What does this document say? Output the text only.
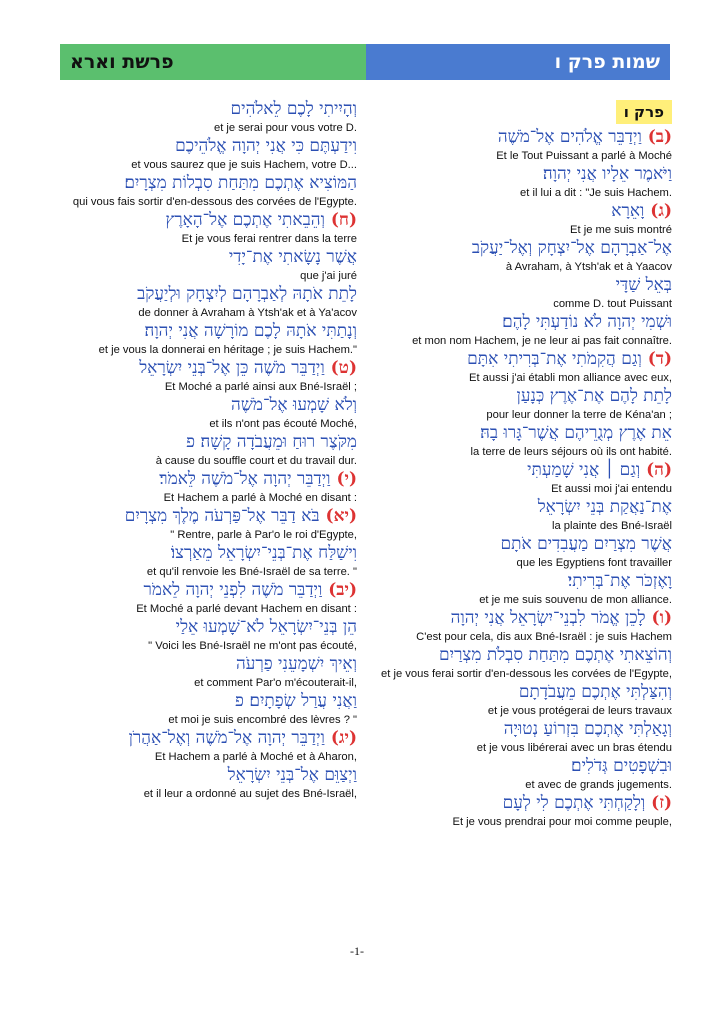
פרשת וארא	שמות פרק ו
וְהָיִיתִי לָכֶם לֵאלֹהִים
et je serai pour vous votre D.
וִידַעְתֶּם כִּי אֲנִי יְהוָה אֱלֹהֵיכֶם
et vous saurez que je suis Hachem, votre D...
הַמּוֹצִיא אֶתְכֶם מִתַּחַת סִבְלוֹת מִצְרָיִם׃
qui vous fais sortir d'en-dessous des corvées de l'Egypte.
(ח) וְהֵבֵאתִי אֶתְכֶם אֶל־הָאָרֶץ
Et je vous ferai rentrer dans la terre
אֲשֶׁר נָשָׂאתִי אֶת־יָדִי
que j'ai juré
לָתֵת אֹתָהּ לְאַבְרָהָם לְיִצְחָק וּלְיַעֲקֹב
de donner à Avraham à Ytsh'ak et à Ya'acov
וְנָתַתִּי אֹתָהּ לָכֶם מוֹרָשָׁה אֲנִי יְהוָה׃
et je vous la donnerai en héritage ; je suis Hachem."
(ט) וַיְדַבֵּר מֹשֶׁה כֵּן אֶל־בְּנֵי יִשְׂרָאֵל
Et Moché a parlé ainsi aux Bné-Israël ;
וְלֹא שָׁמְעוּ אֶל־מֹשֶׁה
et ils n'ont pas écouté Moché,
מִקֹּצֶר רוּחַ וּמֵעֲבֹדָה קָשָׁה׃ פ
à cause du souffle court et du travail dur.
(י) וַיְדַבֵּר יְהוָה אֶל־מֹשֶׁה לֵּאמֹר׃
Et Hachem a parlé à Moché en disant :
(יא) בֹּא דַבֵּר אֶל־פַּרְעֹה מֶלֶךְ מִצְרָיִם
" Rentre, parle à Par'o le roi d'Egypte,
וִישַׁלַּח אֶת־בְּנֵי־יִשְׂרָאֵל מֵאַרְצוֹ׃
et qu'il renvoie les Bné-Israël de sa terre. "
(יב) וַיְדַבֵּר מֹשֶׁה לִפְנֵי יְהוָה לֵאמֹר
Et Moché a parlé devant Hachem en disant :
הֵן בְּנֵי־יִשְׂרָאֵל לֹא־שָׁמְעוּ אֵלַי
" Voici les Bné-Israël ne m'ont pas écouté,
וְאֵיךְ יִשְׁמָעֵנִי פַרְעֹה
et comment Par'o m'écouterait-il,
וַאֲנִי עֲרַל שְׂפָתָיִם׃ פ
et moi je suis encombré des lèvres ? "
(יג) וַיְדַבֵּר יְהוָה אֶל־מֹשֶׁה וְאֶל־אַהֲרֹן
Et Hachem a parlé à Moché et à Aharon,
וַיְצַוֵּם אֶל־בְּנֵי יִשְׂרָאֵל
et il leur a ordonné au sujet des Bné-Israël,
פרק ו
(ב) וַיְדַבֵּר אֱלֹהִים אֶל־מֹשֶׁה
Et le Tout Puissant a parlé à Moché
וַיֹּאמֶר אֵלָיו אֲנִי יְהוָה׃
et il lui a dit : "Je suis Hachem.
(ג) וָאֵרָא
Et je me suis montré
אֶל־אַבְרָהָם אֶל־יִצְחָק וְאֶל־יַעֲקֹב
à Avraham, à Ytsh'ak et à Yaacov
בְּאֵל שַׁדָּי
comme D. tout Puissant
וּשְׁמִי יְהוָה לֹא נוֹדַעְתִּי לָהֶם׃
et mon nom Hachem, je ne leur ai pas fait connaître.
(ד) וְגַם הֲקִמֹתִי אֶת־בְּרִיתִי אִתָּם
Et aussi j'ai établi mon alliance avec eux,
לָתֵת לָהֶם אֶת־אֶרֶץ כְּנָעַן
pour leur donner la terre de Kéna'an ;
אֵת אֶרֶץ מְגֻרֵיהֶם אֲשֶׁר־גָּרוּ בָהּ׃
la terre de leurs séjours où ils ont habité.
(ה) וְגַם ׀ אֲנִי שָׁמַעְתִּי
Et aussi moi j'ai entendu
אֶת־נַאֲקַת בְּנֵי יִשְׂרָאֵל
la plainte des Bné-Israël
אֲשֶׁר מִצְרַיִם מַעֲבִדִים אֹתָם
que les Egyptiens font travailler
וָאֶזְכֹּר אֶת־בְּרִיתִי׃
et je me suis souvenu de mon alliance.
(ו) לָכֵן אֱמֹר לִבְנֵי־יִשְׂרָאֵל אֲנִי יְהוָה
C'est pour cela, dis aux Bné-Israël : je suis Hachem
וְהוֹצֵאתִי אֶתְכֶם מִתַּחַת סִבְלֹת מִצְרַיִם
et je vous ferai sortir d'en-dessous les corvées de l'Egypte,
וְהִצַּלְתִּי אֶתְכֶם מֵעֲבֹדָתָם
et je vous protégerai de leurs travaux
וְגָאַלְתִּי אֶתְכֶם בִּזְרוֹעַ נְטוּיָה
et je vous libérerai avec un bras étendu
וּבִשְׁפָטִים גְּדֹלִים׃
et avec de grands jugements.
(ז) וְלָקַחְתִּי אֶתְכֶם לִי לְעָם
Et je vous prendrai pour moi comme peuple,
-1-
